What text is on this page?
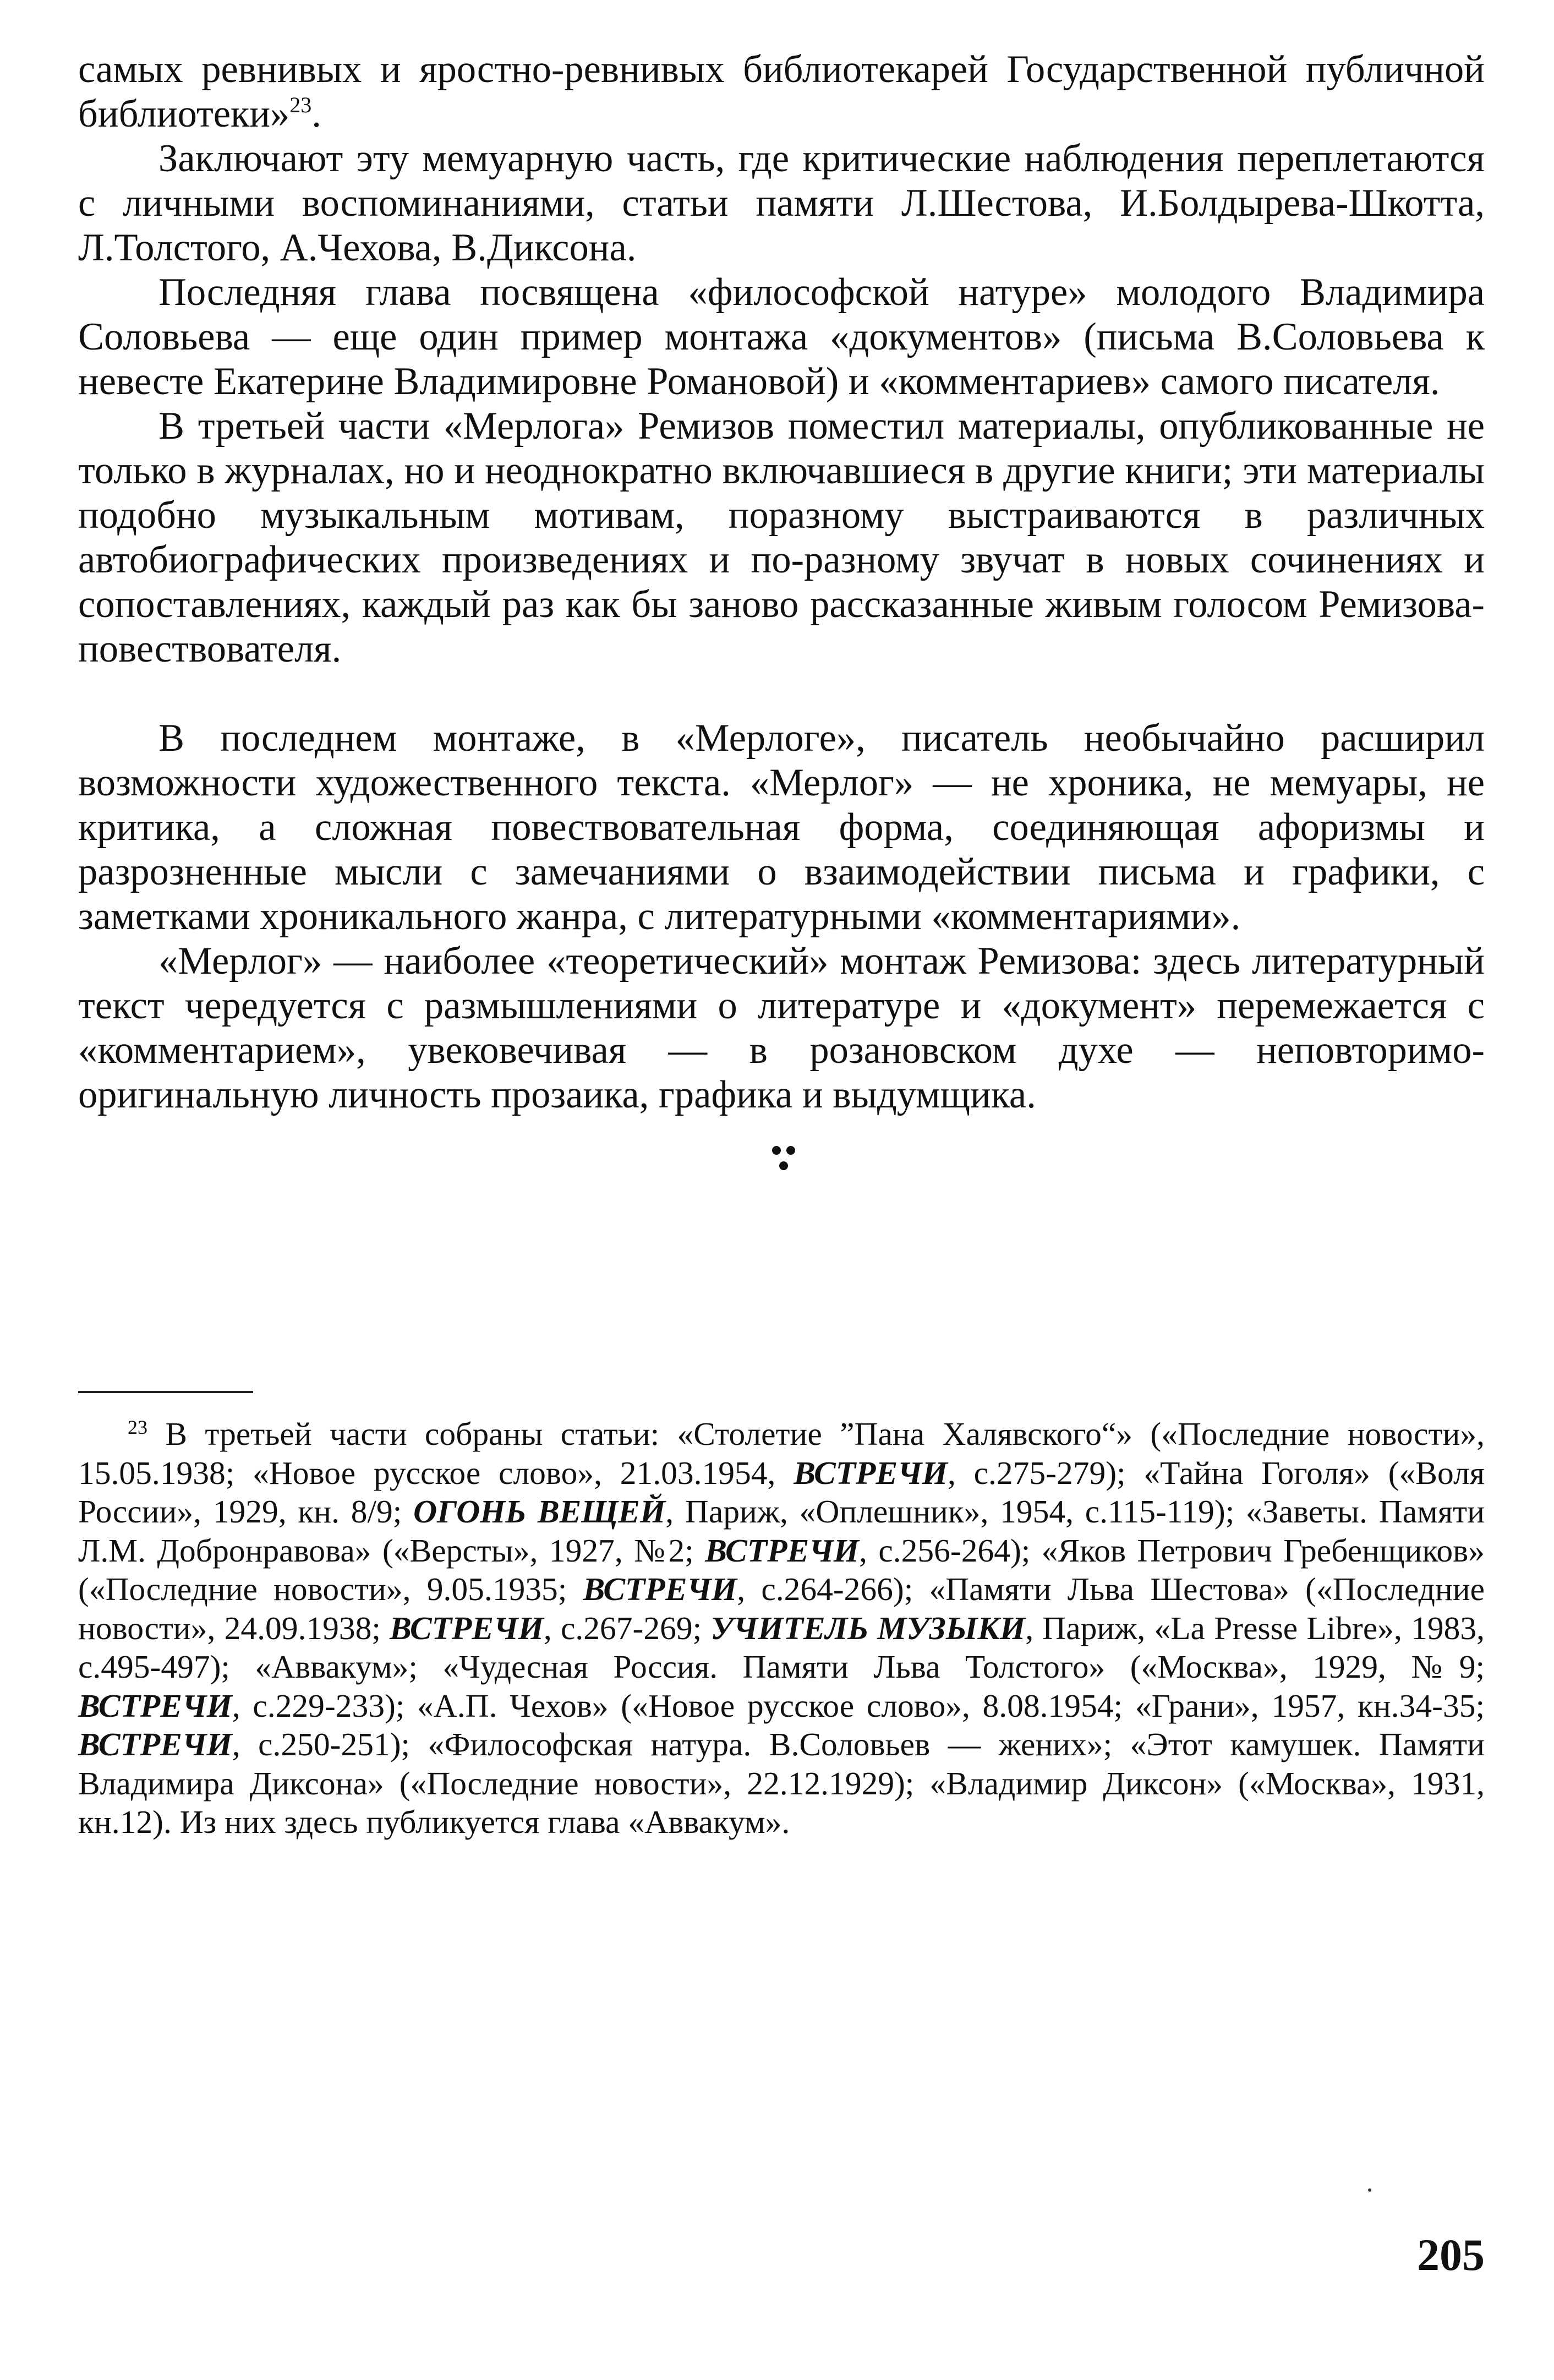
самых ревнивых и яростно-ревнивых библиотекарей Государственной публичной библиотеки»$^{23}$.

Заключают эту мемуарную часть, где критические наблюдения переплетаются с личными воспоминаниями, статьи памяти Л.Шестова, И.Болдырева-Шкотта, Л.Толстого, А.Чехова, В.Диксона.

Последняя глава посвящена «философской натуре» молодого Владимира Соловьева — еще один пример монтажа «документов» (письма В.Соловьева к невесте Екатерине Владимировне Романовой) и «комментариев» самого писателя.

В третьей части «Мерлога» Ремизов поместил материалы, опубликованные не только в журналах, но и неоднократно включавшиеся в другие книги; эти материалы подобно музыкальным мотивам, поразному выстраиваются в различных автобиографических произведениях и по-разному звучат в новых сочинениях и сопоставлениях, каждый раз как бы заново рассказанные живым голосом Ремизова-повествователя.

В последнем монтаже, в «Мерлоге», писатель необычайно расширил возможности художественного текста. «Мерлог» — не хроника, не мемуары, не критика, а сложная повествовательная форма, соединяющая афоризмы и разрозненные мысли с замечаниями о взаимодействии письма и графики, с заметками хроникального жанра, с литературными «комментариями».

«Мерлог» — наиболее «теоретический» монтаж Ремизова: здесь литературный текст чередуется с размышлениями о литературе и «документ» перемежается с «комментарием», увековечивая — в розановском духе — неповторимо-оригинальную личность прозаика, графика и выдумщика.

$^{23}$ В третьей части собраны статьи: «Столетие ”Пана Халявского“» («Последние новости», 15.05.1938; «Новое русское слово», 21.03.1954, ВСТРЕЧИ, с.275-279); «Тайна Гоголя» («Воля России», 1929, кн. 8/9; ОГОНЬ ВЕЩЕЙ, Париж, «Оплешник», 1954, с.115-119); «Заветы. Памяти Л.М. Добронравова» («Версты», 1927, №2; ВСТРЕЧИ, с.256-264); «Яков Петрович Гребенщиков» («Последние новости», 9.05.1935; ВСТРЕЧИ, с.264-266); «Памяти Льва Шестова» («Последние новости», 24.09.1938; ВСТРЕЧИ, с.267-269; УЧИТЕЛЬ МУЗЫКИ, Париж, «La Presse Libre», 1983, с.495-497); «Аввакум»; «Чудесная Россия. Памяти Льва Толстого» («Москва», 1929, №9; ВСТРЕЧИ, с.229-233); «А.П. Чехов» («Новое русское слово», 8.08.1954; «Грани», 1957, кн.34-35; ВСТРЕЧИ, с.250-251); «Философская натура. В.Соловьев — жених»; «Этот камушек. Памяти Владимира Диксона» («Последние новости», 22.12.1929); «Владимир Диксон» («Москва», 1931, кн.12). Из них здесь публикуется глава «Аввакум».

205
